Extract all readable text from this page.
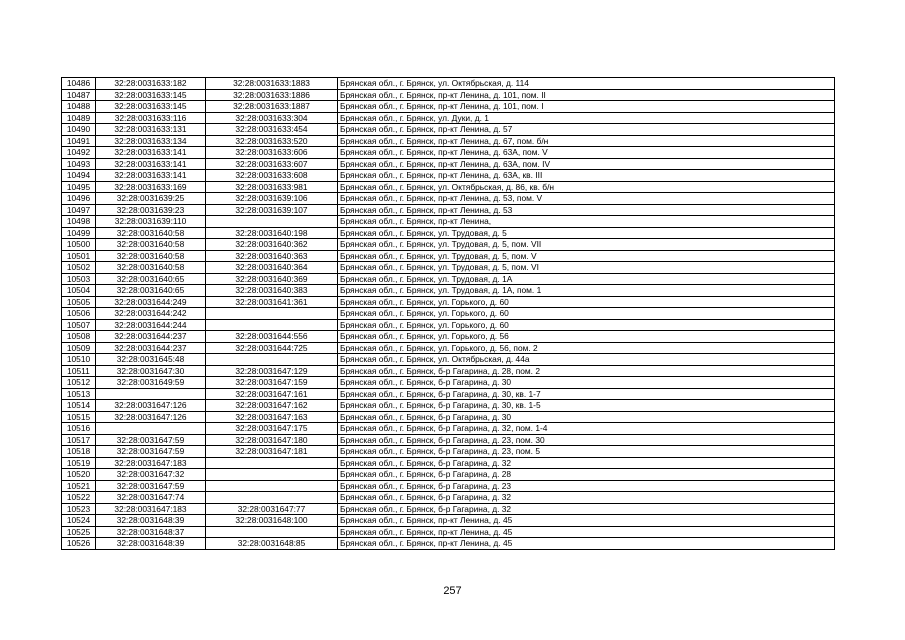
10486	32:28:0031633:182	32:28:0031633:1883	Брянская обл., г. Брянск, ул. Октябрьская, д. 114
10487	32:28:0031633:145	32:28:0031633:1886	Брянская обл., г. Брянск, пр-кт Ленина, д. 101, пом. II
10488	32:28:0031633:145	32:28:0031633:1887	Брянская обл., г. Брянск, пр-кт Ленина, д. 101, пом. I
10489	32:28:0031633:116	32:28:0031633:304	Брянская обл., г. Брянск, ул. Дуки, д. 1
10490	32:28:0031633:131	32:28:0031633:454	Брянская обл., г. Брянск, пр-кт Ленина, д. 57
10491	32:28:0031633:134	32:28:0031633:520	Брянская обл., г. Брянск, пр-кт Ленина, д. 67, пом. б/н
10492	32:28:0031633:141	32:28:0031633:606	Брянская обл., г. Брянск, пр-кт Ленина, д. 63А, пом. V
10493	32:28:0031633:141	32:28:0031633:607	Брянская обл., г. Брянск, пр-кт Ленина, д. 63А, пом. IV
10494	32:28:0031633:141	32:28:0031633:608	Брянская обл., г. Брянск, пр-кт Ленина, д. 63А, кв. III
10495	32:28:0031633:169	32:28:0031633:981	Брянская обл., г. Брянск, ул. Октябрьская, д. 86, кв. б/н
10496	32:28:0031639:25	32:28:0031639:106	Брянская обл., г. Брянск, пр-кт Ленина, д. 53, пом. V
10497	32:28:0031639:23	32:28:0031639:107	Брянская обл., г. Брянск, пр-кт Ленина, д. 53
10498	32:28:0031639:110		Брянская обл., г. Брянск, пр-кт Ленина,
10499	32:28:0031640:58	32:28:0031640:198	Брянская обл., г. Брянск, ул. Трудовая, д. 5
10500	32:28:0031640:58	32:28:0031640:362	Брянская обл., г. Брянск, ул. Трудовая, д. 5, пом. VII
10501	32:28:0031640:58	32:28:0031640:363	Брянская обл., г. Брянск, ул. Трудовая, д. 5, пом. V
10502	32:28:0031640:58	32:28:0031640:364	Брянская обл., г. Брянск, ул. Трудовая, д. 5, пом. VI
10503	32:28:0031640:65	32:28:0031640:369	Брянская обл., г. Брянск, ул. Трудовая, д. 1А
10504	32:28:0031640:65	32:28:0031640:383	Брянская обл., г. Брянск, ул. Трудовая, д. 1А, пом. 1
10505	32:28:0031644:249	32:28:0031641:361	Брянская обл., г. Брянск, ул. Горького, д. 60
10506	32:28:0031644:242		Брянская обл., г. Брянск, ул. Горького, д. 60
10507	32:28:0031644:244		Брянская обл., г. Брянск, ул. Горького, д. 60
10508	32:28:0031644:237	32:28:0031644:556	Брянская обл., г. Брянск, ул. Горького, д. 56
10509	32:28:0031644:237	32:28:0031644:725	Брянская обл., г. Брянск, ул. Горького, д. 56, пом. 2
10510	32:28:0031645:48		Брянская обл., г. Брянск, ул. Октябрьская, д. 44а
10511	32:28:0031647:30	32:28:0031647:129	Брянская обл., г. Брянск, б-р Гагарина, д. 28, пом. 2
10512	32:28:0031649:59	32:28:0031647:159	Брянская обл., г. Брянск, б-р Гагарина, д. 30
10513		32:28:0031647:161	Брянская обл., г. Брянск, б-р Гагарина, д. 30, кв. 1-7
10514	32:28:0031647:126	32:28:0031647:162	Брянская обл., г. Брянск, б-р Гагарина, д. 30, кв. 1-5
10515	32:28:0031647:126	32:28:0031647:163	Брянская обл., г. Брянск, б-р Гагарина, д. 30
10516		32:28:0031647:175	Брянская обл., г. Брянск, б-р Гагарина, д. 32, пом. 1-4
10517	32:28:0031647:59	32:28:0031647:180	Брянская обл., г. Брянск, б-р Гагарина, д. 23, пом. 30
10518	32:28:0031647:59	32:28:0031647:181	Брянская обл., г. Брянск, б-р Гагарина, д. 23, пом. 5
10519	32:28:0031647:183		Брянская обл., г. Брянск, б-р Гагарина, д. 32
10520	32:28:0031647:32		Брянская обл., г. Брянск, б-р Гагарина, д. 28
10521	32:28:0031647:59		Брянская обл., г. Брянск, б-р Гагарина, д. 23
10522	32:28:0031647:74		Брянская обл., г. Брянск, б-р Гагарина, д. 32
10523	32:28:0031647:183	32:28:0031647:77	Брянская обл., г. Брянск, б-р Гагарина, д. 32
10524	32:28:0031648:39	32:28:0031648:100	Брянская обл., г. Брянск, пр-кт Ленина, д. 45
10525	32:28:0031648:37		Брянская обл., г. Брянск, пр-кт Ленина, д. 45
10526	32:28:0031648:39	32:28:0031648:85	Брянская обл., г. Брянск, пр-кт Ленина, д. 45
257
